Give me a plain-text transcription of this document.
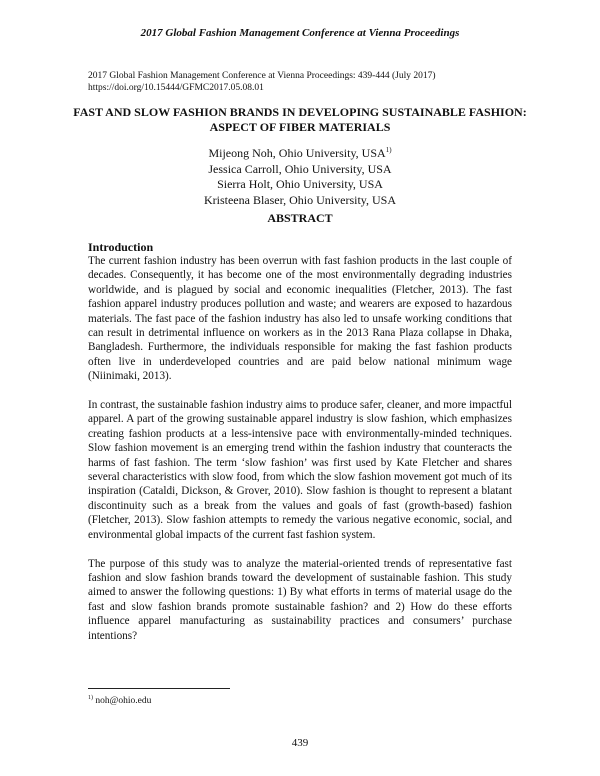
2017 Global Fashion Management Conference at Vienna Proceedings
2017 Global Fashion Management Conference at Vienna Proceedings: 439-444 (July 2017) https://doi.org/10.15444/GFMC2017.05.08.01
FAST AND SLOW FASHION BRANDS IN DEVELOPING SUSTAINABLE FASHION: ASPECT OF FIBER MATERIALS
Mijeong Noh, Ohio University, USA$^{1)}$
Jessica Carroll, Ohio University, USA
Sierra Holt, Ohio University, USA
Kristeena Blaser, Ohio University, USA
ABSTRACT

Introduction

The current fashion industry has been overrun with fast fashion products in the last couple of decades. Consequently, it has become one of the most environmentally degrading industries worldwide, and is plagued by social and economic inequalities (Fletcher, 2013). The fast fashion apparel industry produces pollution and waste; and wearers are exposed to hazardous materials. The fast pace of the fashion industry has also led to unsafe working conditions that can result in detrimental influence on workers as in the 2013 Rana Plaza collapse in Dhaka, Bangladesh. Furthermore, the individuals responsible for making the fast fashion products often live in underdeveloped countries and are paid below national minimum wage (Niinimaki, 2013).

In contrast, the sustainable fashion industry aims to produce safer, cleaner, and more impactful apparel. A part of the growing sustainable apparel industry is slow fashion, which emphasizes creating fashion products at a less-intensive pace with environmentally-minded techniques. Slow fashion movement is an emerging trend within the fashion industry that counteracts the harms of fast fashion. The term ‘slow fashion’ was first used by Kate Fletcher and shares several characteristics with slow food, from which the slow fashion movement got much of its inspiration (Cataldi, Dickson, & Grover, 2010). Slow fashion is thought to represent a blatant discontinuity such as a break from the values and goals of fast (growth-based) fashion (Fletcher, 2013). Slow fashion attempts to remedy the various negative economic, social, and environmental global impacts of the current fast fashion system.

The purpose of this study was to analyze the material-oriented trends of representative fast fashion and slow fashion brands toward the development of sustainable fashion. This study aimed to answer the following questions: 1) By what efforts in terms of material usage do the fast and slow fashion brands promote sustainable fashion? and 2) How do these efforts influence apparel manufacturing as sustainability practices and consumers’ purchase intentions?

$^{1)}$ noh@ohio.edu
439
